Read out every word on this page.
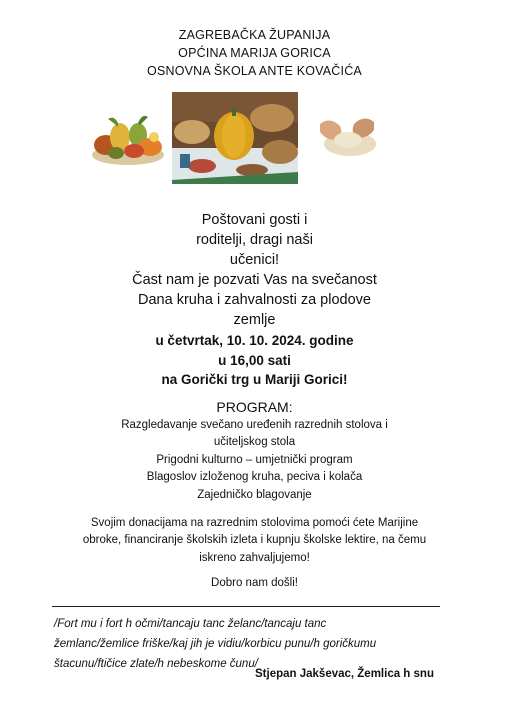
ZAGREBAČKA ŽUPANIJA
OPĆINA MARIJA GORICA
OSNOVNA ŠKOLA ANTE KOVAČIĆA
Poštovani gosti i
roditelji, dragi naši
učenici!
Čast nam je pozvati Vas na svečanost
Dana kruha i zahvalnosti za plodove
zemlje
u četvrtak, 10. 10. 2024. godine
u 16,00 sati
na Gorički trg u Mariji Gorici!
PROGRAM:
Razgledavanje svečano uređenih razrednih stolova i
učiteljskog stola
Prigodni kulturno – umjetnički program
Blagoslov izloženog kruha, peciva i kolača
Zajedničko blagovanje
Svojim donacijama na razrednim stolovima pomoći ćete Marijine
obroke, financiranje školskih izleta i kupnju školske lektire, na čemu
iskreno zahvaljujemo!
Dobro nam došli!
/Fort mu i fort h očmi/tancaju tanc želanc/tancaju tanc
žemlanc/žemlice friške/kaj jih je vidiu/korbicu punu/h goričkumu
štacunu/ftičice zlate/h nebeskome čunu/
Stjepan Jakševac, Žemlica h snu
